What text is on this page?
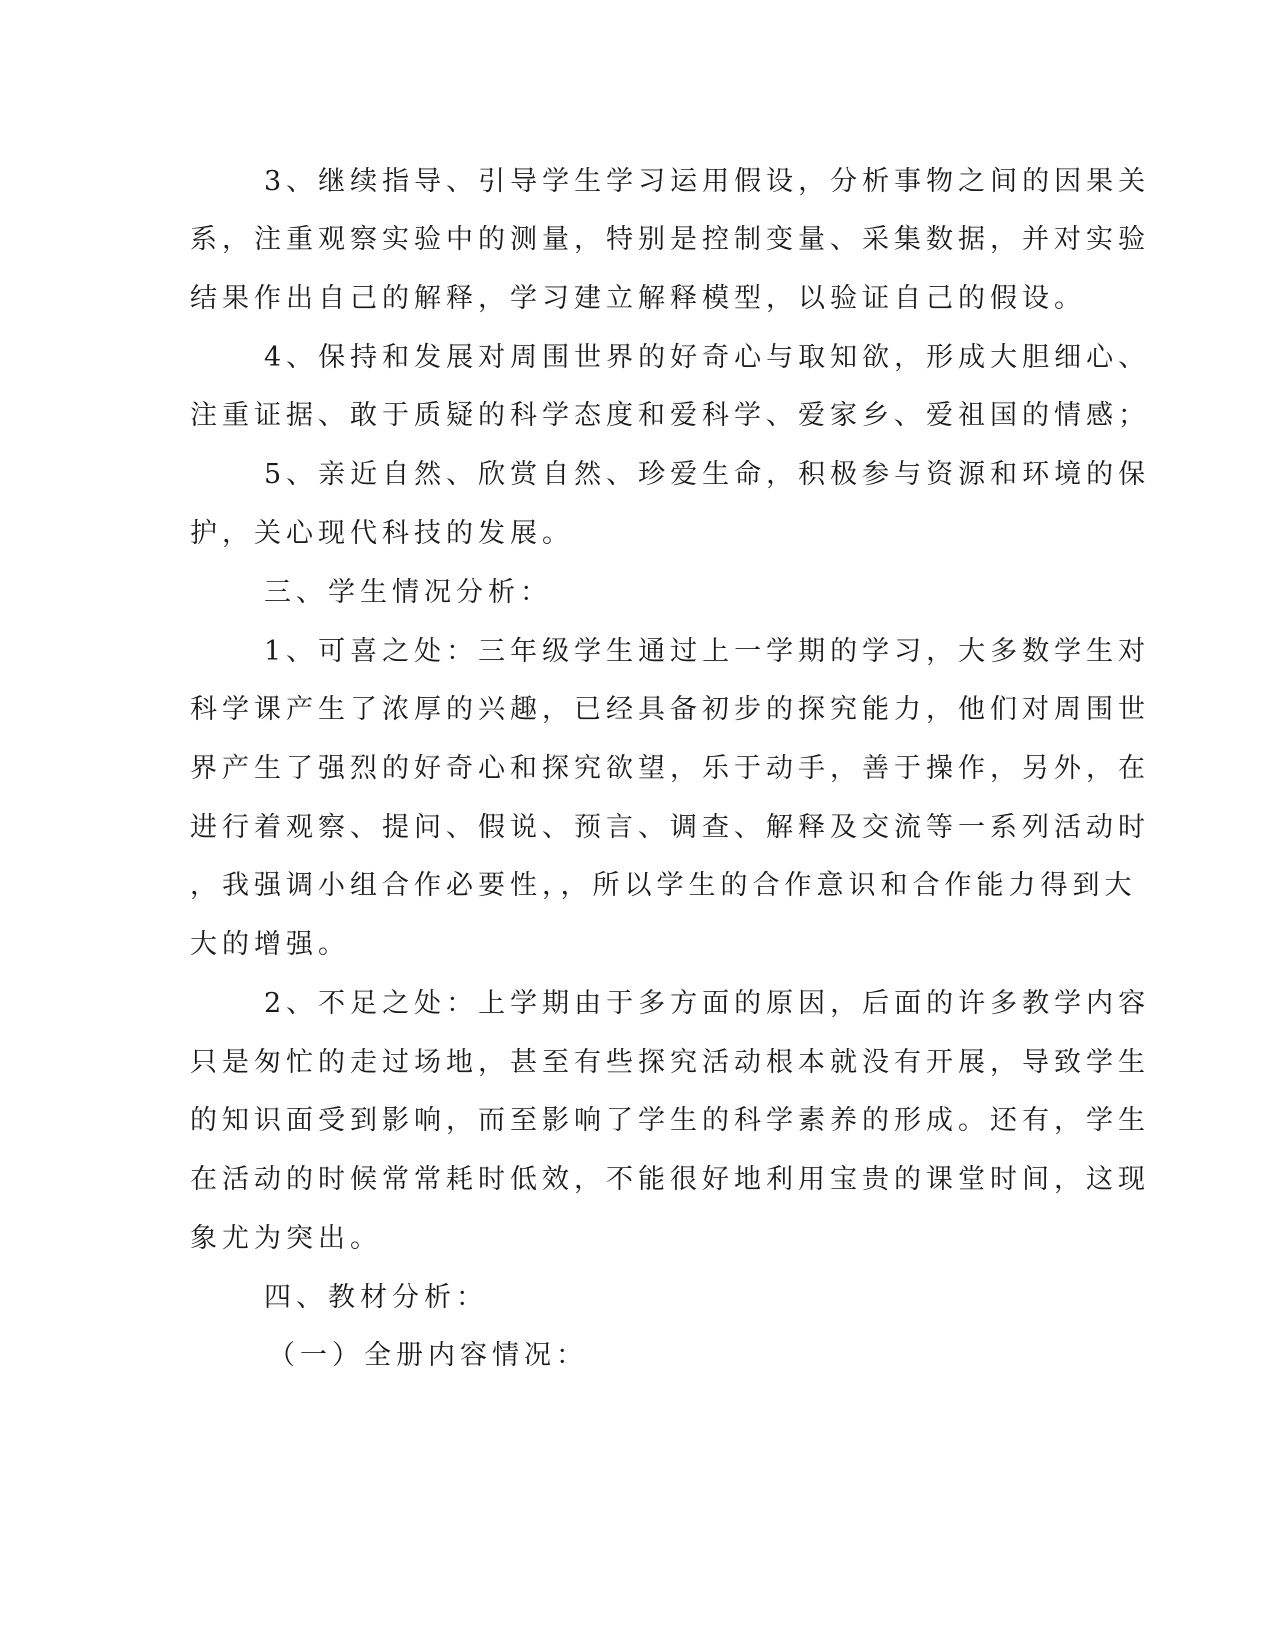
3、继续指导、引导学生学习运用假设，分析事物之间的因果关
系，注重观察实验中的测量，特别是控制变量、采集数据，并对实验
结果作出自己的解释，学习建立解释模型，以验证自己的假设。
4、保持和发展对周围世界的好奇心与取知欲，形成大胆细心、
注重证据、敢于质疑的科学态度和爱科学、爱家乡、爱祖国的情感；
5、亲近自然、欣赏自然、珍爱生命，积极参与资源和环境的保
护，关心现代科技的发展。
三、学生情况分析：
1、可喜之处：三年级学生通过上一学期的学习，大多数学生对
科学课产生了浓厚的兴趣，已经具备初步的探究能力，他们对周围世
界产生了强烈的好奇心和探究欲望，乐于动手，善于操作，另外，在
进行着观察、提问、假说、预言、调查、解释及交流等一系列活动时
，我强调小组合作必要性，，所以学生的合作意识和合作能力得到大
大的增强。
2、不足之处：上学期由于多方面的原因，后面的许多教学内容
只是匆忙的走过场地，甚至有些探究活动根本就没有开展，导致学生
的知识面受到影响，而至影响了学生的科学素养的形成。还有，学生
在活动的时候常常耗时低效，不能很好地利用宝贵的课堂时间，这现
象尤为突出。
四、教材分析：
（一）全册内容情况：
